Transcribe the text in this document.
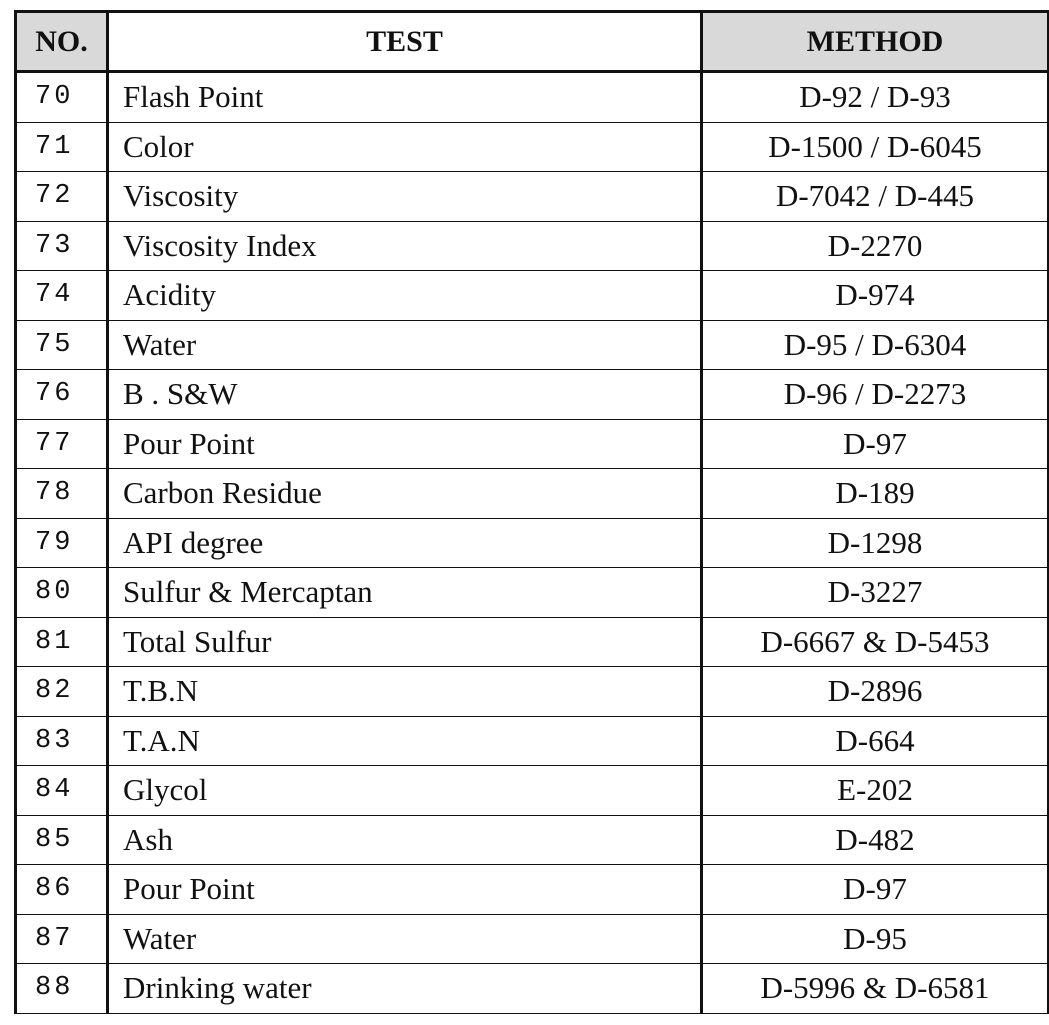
NO.	TEST	METHOD
70	Flash Point	D-92 / D-93
71	Color	D-1500 / D-6045
72	Viscosity	D-7042 / D-445
73	Viscosity Index	D-2270
74	Acidity	D-974
75	Water	D-95 / D-6304
76	B . S&W	D-96 / D-2273
77	Pour Point	D-97
78	Carbon Residue	D-189
79	API degree	D-1298
80	Sulfur & Mercaptan	D-3227
81	Total Sulfur	D-6667 & D-5453
82	T.B.N	D-2896
83	T.A.N	D-664
84	Glycol	E-202
85	Ash	D-482
86	Pour Point	D-97
87	Water	D-95
88	Drinking water	D-5996 & D-6581
